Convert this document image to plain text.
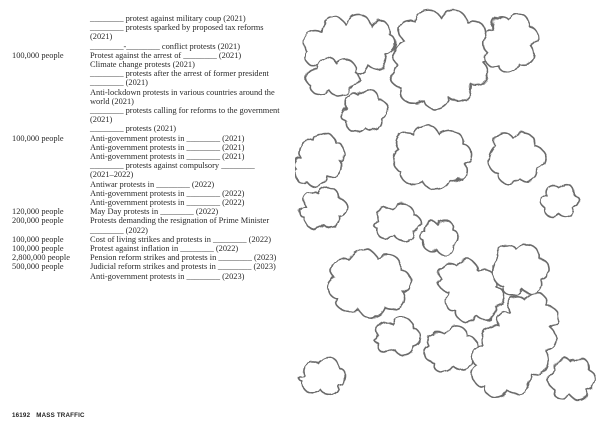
________ protest against military coup (2021)
________ protests sparked by proposed tax reforms (2021)
________-________ conflict protests (2021)
100,000 people	Protest against the arrest of ________ (2021)
Climate change protests (2021)
________ protests after the arrest of former president ________ (2021)
Anti-lockdown protests in various countries around the world (2021)
________ protests calling for reforms to the government (2021)
________ protests (2021)
100,000 people	Anti-government protests in ________ (2021)
Anti-government protests in ________ (2021)
Anti-government protests in ________ (2021)
________ protests against compulsory ________ (2021–2022)
Antiwar protests in ________ (2022)
Anti-government protests in ________ (2022)
Anti-government protests in ________ (2022)
120,000 people	May Day protests in ________ (2022)
200,000 people	Protests demanding the resignation of Prime Minister ________ (2022)
100,000 people	Cost of living strikes and protests in ________ (2022)
100,000 people	Protest against inflation in ________ (2022)
2,800,000 people	Pension reform strikes and protests in ________ (2023)
500,000 people	Judicial reform strikes and protests in ________ (2023)
Anti-government protests in ________ (2023)
16192 MASS TRAFFIC
